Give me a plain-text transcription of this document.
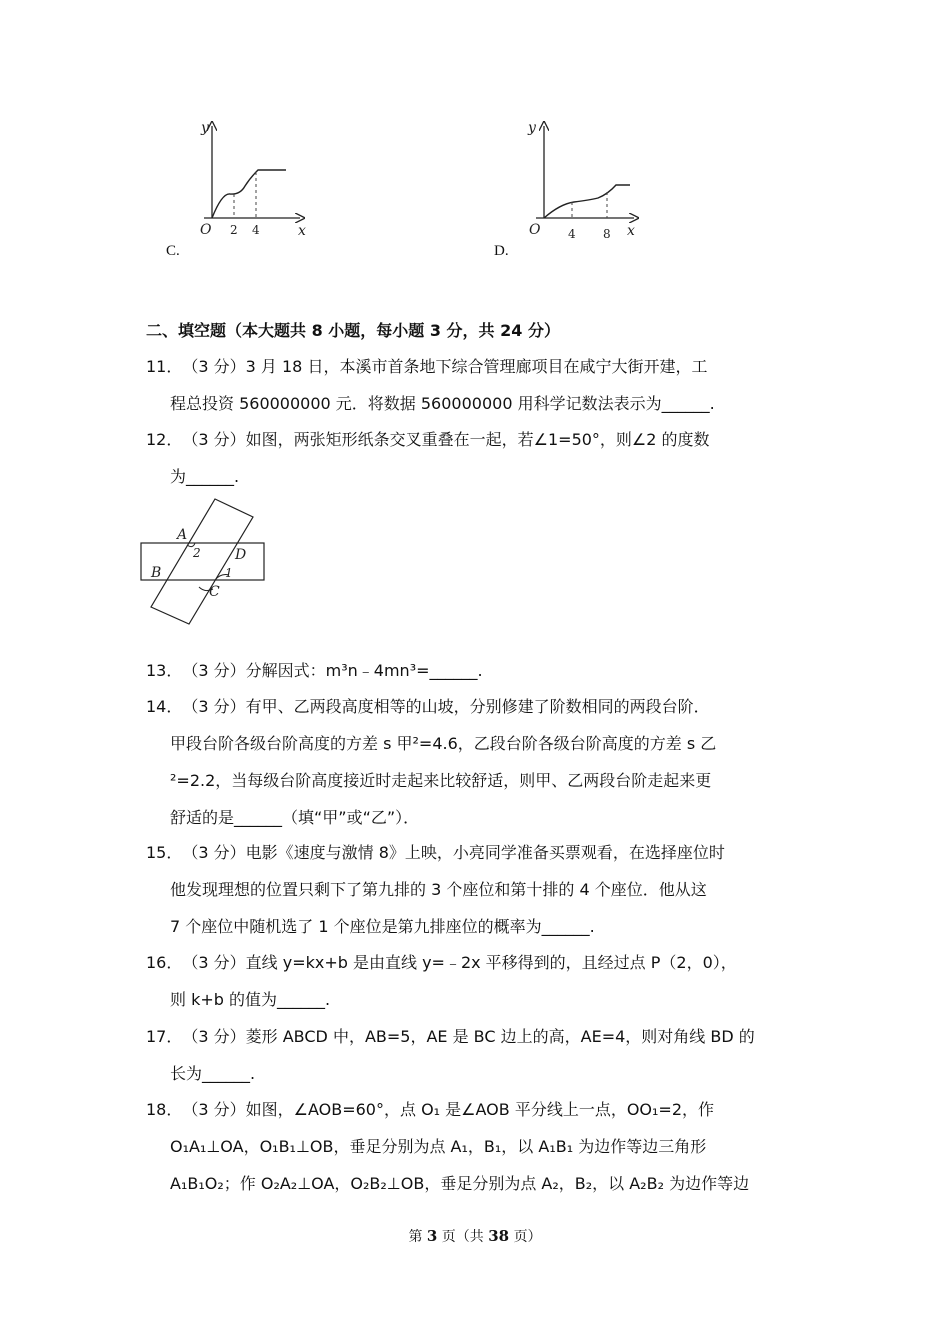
y
x
O 2 4
C.
y
x
O 4 8
D.
二、填空题（本大题共 8 小题，每小题 3 分，共 24 分）
11．（3 分）3 月 18 日，本溪市首条地下综合管理廊项目在咸宁大街开建，工
程总投资 560000000 元．将数据 560000000 用科学记数法表示为______.
12．（3 分）如图，两张矩形纸条交叉重叠在一起，若∠1=50°，则∠2 的度数
为______.
A
2 D
B	1
C
13．（3 分）分解因式：m³n﹣4mn³=______.
14．（3 分）有甲、乙两段高度相等的山坡，分别修建了阶数相同的两段台阶．
甲段台阶各级台阶高度的方差 s 甲²=4.6，乙段台阶各级台阶高度的方差 s 乙
²=2.2，当每级台阶高度接近时走起来比较舒适，则甲、乙两段台阶走起来更
舒适的是______（填“甲”或“乙”）．
15．（3 分）电影《速度与激情 8》上映，小亮同学准备买票观看，在选择座位时
他发现理想的位置只剩下了第九排的 3 个座位和第十排的 4 个座位．他从这
7 个座位中随机选了 1 个座位是第九排座位的概率为______.
16．（3 分）直线 y=kx+b 是由直线 y=﹣2x 平移得到的，且经过点 P（2，0），
则 k+b 的值为______.
17．（3 分）菱形 ABCD 中，AB=5，AE 是 BC 边上的高，AE=4，则对角线 BD 的
长为______.
18．（3 分）如图，∠AOB=60°，点 O₁ 是∠AOB 平分线上一点，OO₁=2，作
O₁A₁⊥OA，O₁B₁⊥OB，垂足分别为点 A₁，B₁，以 A₁B₁ 为边作等边三角形
A₁B₁O₂；作 O₂A₂⊥OA，O₂B₂⊥OB，垂足分别为点 A₂，B₂，以 A₂B₂ 为边作等边
第 3 页（共 38 页）
